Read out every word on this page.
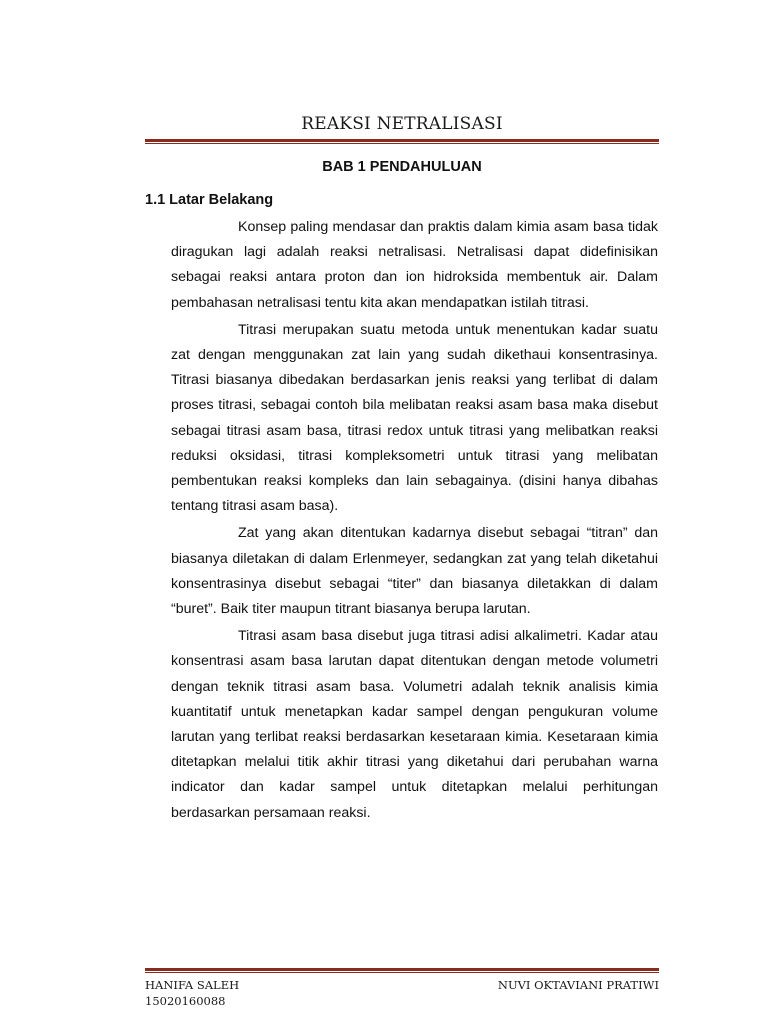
REAKSI NETRALISASI
BAB 1 PENDAHULUAN
1.1 Latar Belakang

Konsep paling mendasar dan praktis dalam kimia asam basa tidak diragukan lagi adalah reaksi netralisasi. Netralisasi dapat didefinisikan sebagai reaksi antara proton dan ion hidroksida membentuk air. Dalam pembahasan netralisasi tentu kita akan mendapatkan istilah titrasi.

Titrasi merupakan suatu metoda untuk menentukan kadar suatu zat dengan menggunakan zat lain yang sudah dikethaui konsentrasinya. Titrasi biasanya dibedakan berdasarkan jenis reaksi yang terlibat di dalam proses titrasi, sebagai contoh bila melibatan reaksi asam basa maka disebut sebagai titrasi asam basa, titrasi redox untuk titrasi yang melibatkan reaksi reduksi oksidasi, titrasi kompleksometri untuk titrasi yang melibatan pembentukan reaksi kompleks dan lain sebagainya. (disini hanya dibahas tentang titrasi asam basa).

Zat yang akan ditentukan kadarnya disebut sebagai “titran” dan biasanya diletakan di dalam Erlenmeyer, sedangkan zat yang telah diketahui konsentrasinya disebut sebagai “titer” dan biasanya diletakkan di dalam “buret”. Baik titer maupun titrant biasanya berupa larutan.

Titrasi asam basa disebut juga titrasi adisi alkalimetri. Kadar atau konsentrasi asam basa larutan dapat ditentukan dengan metode volumetri dengan teknik titrasi asam basa. Volumetri adalah teknik analisis kimia kuantitatif untuk menetapkan kadar sampel dengan pengukuran volume larutan yang terlibat reaksi berdasarkan kesetaraan kimia. Kesetaraan kimia ditetapkan melalui titik akhir titrasi yang diketahui dari perubahan warna indicator dan kadar sampel untuk ditetapkan melalui perhitungan berdasarkan persamaan reaksi.

HANIFA SALEH
15020160088
NUVI OKTAVIANI PRATIWI
